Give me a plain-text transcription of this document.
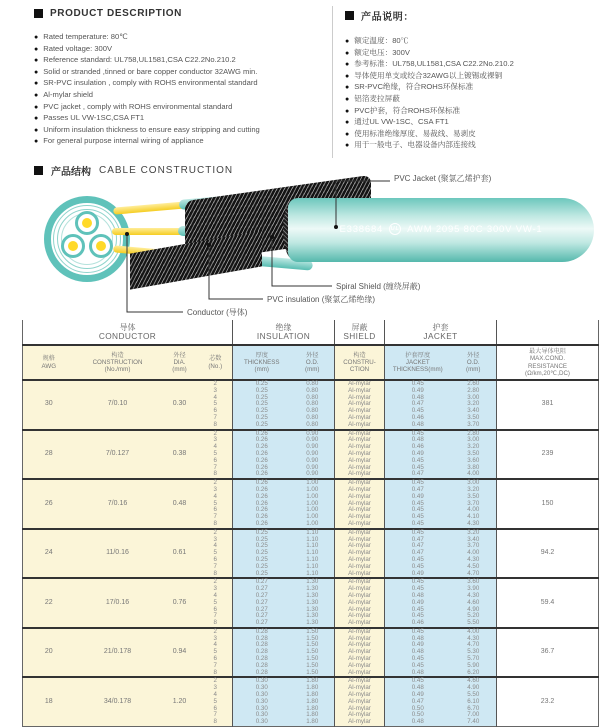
PRODUCT DESCRIPTION
● Rated temperature: 80℃
● Rated voltage: 300V
● Reference standard: UL758,UL1581,CSA C22.2No.210.2
● Solid or stranded ,tinned or bare copper conductor 32AWG min.
● SR-PVC insulation , comply with ROHS environmental standard
● Al-mylar shield
● PVC jacket , comply with ROHS environmental standard
● Passes UL VW-1SC,CSA FT1
● Uniform insulation thickness to ensure easy stripping and cutting
● For general purpose internal wiring of appliance
产品说明：
● 额定温度：80℃
● 额定电压：300V
● 参考标准：UL758,UL1581,CSA C22.2No.210.2
● 导体使用单支或绞合32AWG以上镀锡或裸铜
● SR-PVC绝缘，符合ROHS环保标准
● 铝箔麦拉屏蔽
● PVC护套，符合ROHS环保标准
● 通过UL VW-1SC、CSA FT1
● 使用标准绝缘厚度、易裁线、易剥皮
● 用于一般电子、电器设备内部连接线
产品结构 CABLE CONSTRUCTION
E338684 UL AWM 2095 80C 300V VW-1
PVC Jacket (聚氯乙烯护套)
Spiral Shield (缠绕屏蔽)
PVC insulation (聚氯乙烯绝缘)
Conductor (导体)
导体
CONDUCTOR				绝缘
INSULATION		屏蔽
SHIELD	护套
JACKET		

规格
AWG	构造
CONSTRUCTION
(No./mm)	外径
DIA.
(mm)	芯数
(No.)	厚度
THICKNESS
(mm)	外径
O.D.
(mm)	构造
CONSTRU-
CTION	护套厚度
JACKET
THICKNESS(mm)	外径
O.D.
(mm)	最大导体电阻
MAX.COND.
RESISTANCE
(Ω/km,20℃,DC)

30	7/0.10	0.30	2	0.25	0.80	Al-mylar	0.45	2.60	381
			3	0.25	0.80	Al-mylar	0.49	2.80	
			4	0.25	0.80	Al-mylar	0.48	3.00	
			5	0.25	0.80	Al-mylar	0.47	3.20	
			6	0.25	0.80	Al-mylar	0.45	3.40	
			7	0.25	0.80	Al-mylar	0.46	3.50	
			8	0.25	0.80	Al-mylar	0.48	3.70	
28	7/0.127	0.38	2	0.26	0.90	Al-mylar	0.45	2.80	239
			3	0.26	0.90	Al-mylar	0.48	3.00	
			4	0.26	0.90	Al-mylar	0.46	3.20	
			5	0.26	0.90	Al-mylar	0.49	3.50	
			6	0.26	0.90	Al-mylar	0.45	3.60	
			7	0.26	0.90	Al-mylar	0.45	3.80	
			8	0.26	0.90	Al-mylar	0.47	4.00	
26	7/0.16	0.48	2	0.26	1.00	Al-mylar	0.45	3.00	150
			3	0.26	1.00	Al-mylar	0.47	3.20	
			4	0.26	1.00	Al-mylar	0.49	3.50	
			5	0.26	1.00	Al-mylar	0.45	3.70	
			6	0.26	1.00	Al-mylar	0.45	4.00	
			7	0.26	1.00	Al-mylar	0.45	4.10	
			8	0.26	1.00	Al-mylar	0.45	4.30	
24	11/0.16	0.61	2	0.25	1.10	Al-mylar	0.45	3.20	94.2
			3	0.25	1.10	Al-mylar	0.47	3.40	
			4	0.25	1.10	Al-mylar	0.47	3.70	
			5	0.25	1.10	Al-mylar	0.47	4.00	
			6	0.25	1.10	Al-mylar	0.45	4.30	
			7	0.25	1.10	Al-mylar	0.45	4.50	
			8	0.25	1.10	Al-mylar	0.49	4.70	
22	17/0.16	0.76	2	0.27	1.30	Al-mylar	0.45	3.60	59.4
			3	0.27	1.30	Al-mylar	0.45	3.90	
			4	0.27	1.30	Al-mylar	0.48	4.30	
			5	0.27	1.30	Al-mylar	0.49	4.60	
			6	0.27	1.30	Al-mylar	0.45	4.90	
			7	0.27	1.30	Al-mylar	0.45	5.20	
			8	0.27	1.30	Al-mylar	0.46	5.50	
20	21/0.178	0.94	2	0.28	1.50	Al-mylar	0.45	4.00	36.7
			3	0.28	1.50	Al-mylar	0.48	4.30	
			4	0.28	1.50	Al-mylar	0.49	4.70	
			5	0.28	1.50	Al-mylar	0.48	5.30	
			6	0.28	1.50	Al-mylar	0.45	5.70	
			7	0.28	1.50	Al-mylar	0.45	5.90	
			8	0.28	1.50	Al-mylar	0.48	6.20	
18	34/0.178	1.20	2	0.30	1.80	Al-mylar	0.45	4.60	23.2
			3	0.30	1.80	Al-mylar	0.48	4.90	
			4	0.30	1.80	Al-mylar	0.49	5.50	
			5	0.30	1.80	Al-mylar	0.47	6.10	
			6	0.30	1.80	Al-mylar	0.50	6.70	
			7	0.30	1.80	Al-mylar	0.50	7.00	
			8	0.30	1.80	Al-mylar	0.48	7.40	
